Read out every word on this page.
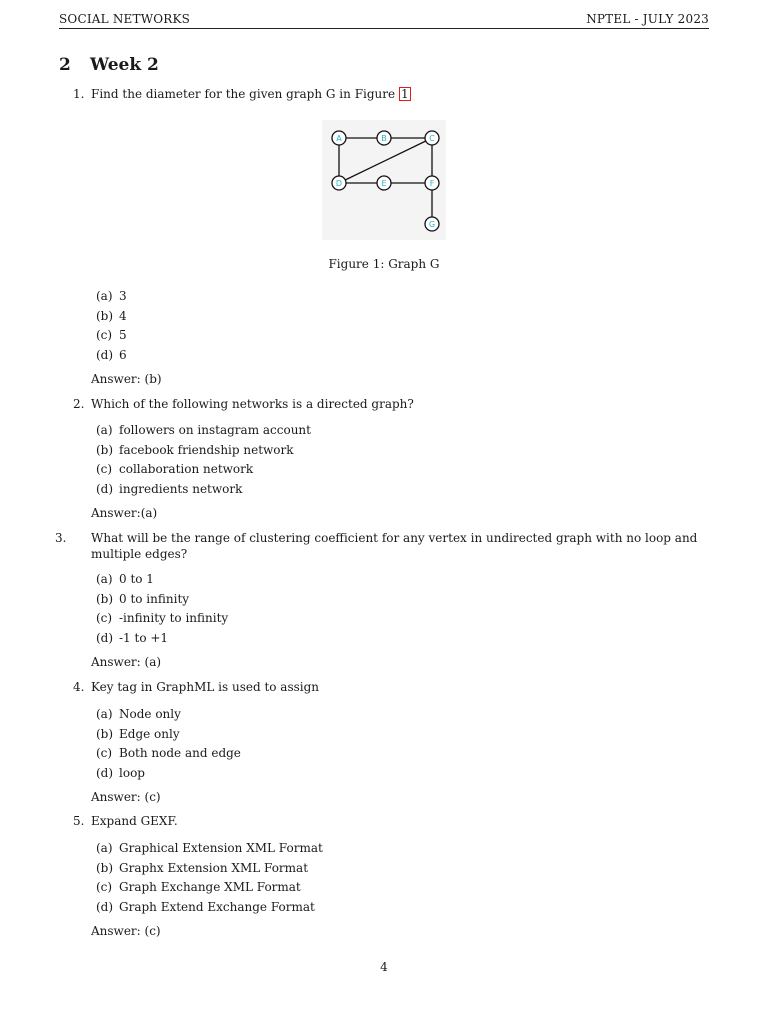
SOCIAL NETWORKS	NPTEL - JULY 2023
2 Week 2
1. Find the diameter for the given graph G in Figure 1
A	B	C
D	E	F
G
Figure 1: Graph G
(a) 3
(b) 4
(c) 5
(d) 6
Answer: (b)
2. Which of the following networks is a directed graph?
(a) followers on instagram account
(b) facebook friendship network
(c) collaboration network
(d) ingredients network
Answer:(a)
3. What will be the range of clustering coefficient for any vertex in undirected graph with no loop and multiple edges?
(a) 0 to 1
(b) 0 to infinity
(c) -infinity to infinity
(d) -1 to +1
Answer: (a)
4. Key tag in GraphML is used to assign
(a) Node only
(b) Edge only
(c) Both node and edge
(d) loop
Answer: (c)
5. Expand GEXF.
(a) Graphical Extension XML Format
(b) Graphx Extension XML Format
(c) Graph Exchange XML Format
(d) Graph Extend Exchange Format
Answer: (c)
4
